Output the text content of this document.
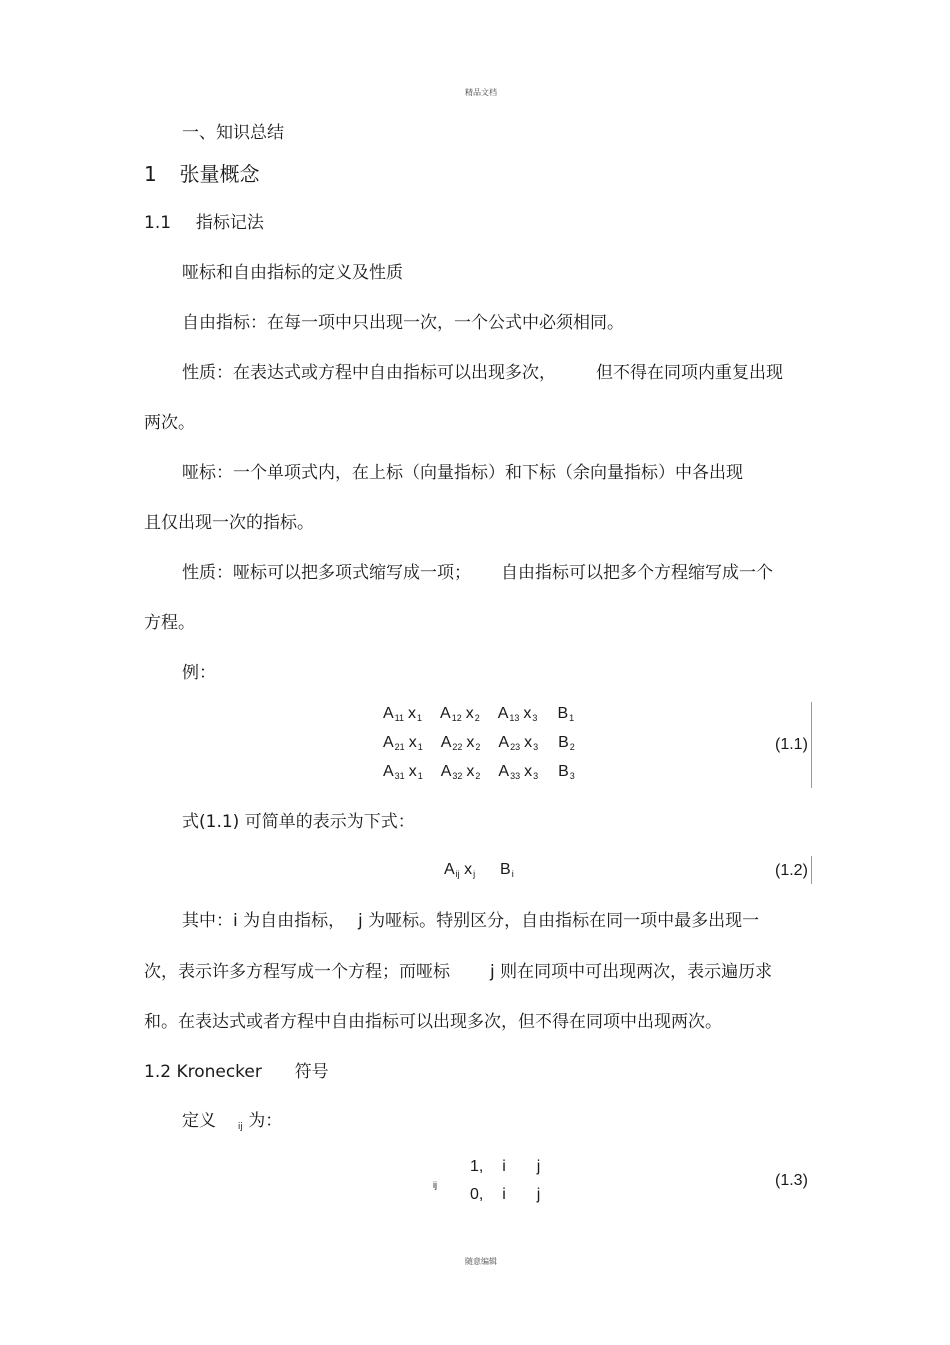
精品文档
随意编辑
一、知识总结
1 张量概念
1.1 指标记法
哑标和自由指标的定义及性质
自由指标：在每一项中只出现一次，一个公式中必须相同。
性质：在表达式或方程中自由指标可以出现多次， 但不得在同项内重复出现
两次。
哑标：一个单项式内，在上标（向量指标）和下标（余向量指标）中各出现
且仅出现一次的指标。
性质：哑标可以把多项式缩写成一项； 自由指标可以把多个方程缩写成一个
方程。
例：
A11 x1 A12 x2 A13 x3 B1
A21 x1 A22 x2 A23 x3 B2
A31 x1 A32 x2 A33 x3 B3
(1.1)
式(1.1) 可简单的表示为下式：
Aij xj Bi	(1.2)
其中：i 为自由指标， j 为哑标。特别区分，自由指标在同一项中最多出现一
次，表示许多方程写成一个方程；而哑标 j 则在同项中可出现两次，表示遍历求
和。在表达式或者方程中自由指标可以出现多次，但不得在同项中出现两次。
1.2 Kronecker 符号
定义 ij 为：
ij
1, i j
0, i j
(1.3)
